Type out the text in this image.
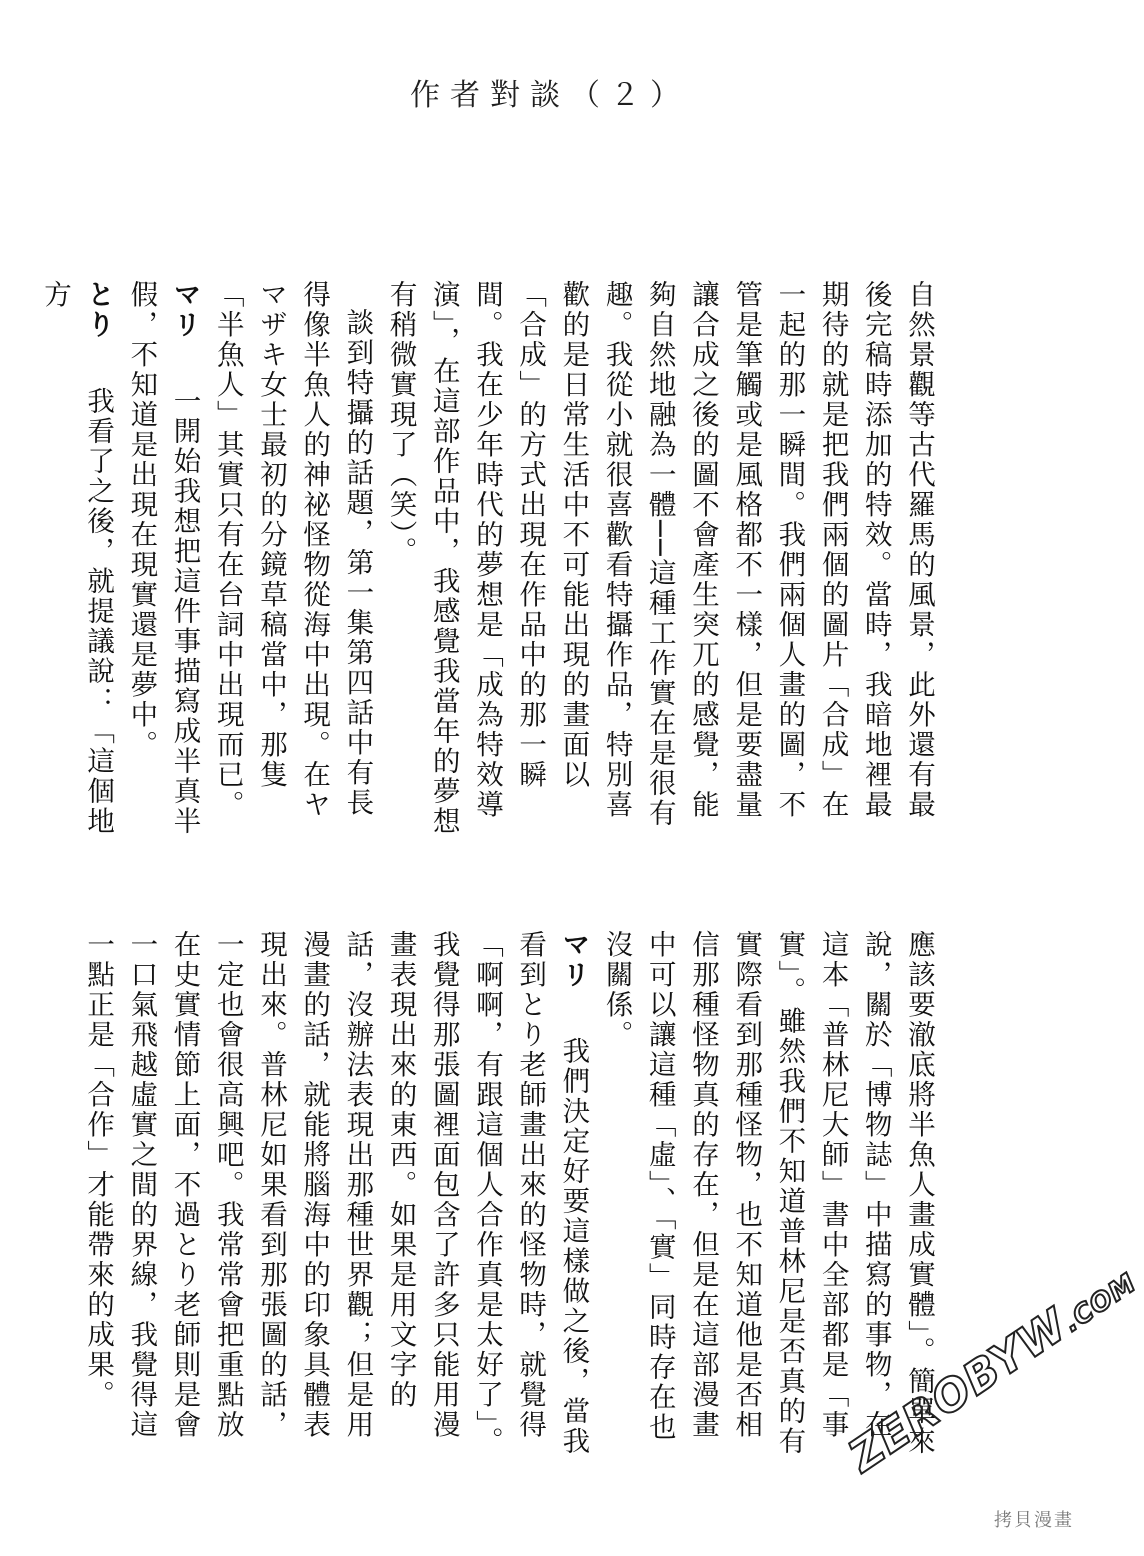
作者對談（２）

自然景觀等古代羅馬的風景，此外還有最後完稿時添加的特效。當時，我暗地裡最期待的就是把我們兩個的圖片「合成」在一起的那一瞬間。我們兩個人畫的圖，不管是筆觸或是風格都不一樣，但是要盡量讓合成之後的圖不會產生突兀的感覺，能夠自然地融為一體──這種工作實在是很有趣。我從小就很喜歡看特攝作品，特別喜歡的是日常生活中不可能出現的畫面以「合成」的方式出現在作品中的那一瞬間。我在少年時代的夢想是「成為特效導演」，在這部作品中，我感覺我當年的夢想有稍微實現了（笑）。

談到特攝的話題，第一集第四話中有長得像半魚人的神祕怪物從海中出現。在ヤマザキ女士最初的分鏡草稿當中，那隻「半魚人」其實只有在台詞中出現而已。

マリ　一開始我想把這件事描寫成半真半假，不知道是出現在現實還是夢中。

とり　我看了之後，就提議說：「這個地方

應該要澈底將半魚人畫成實體」。簡單來說，關於「博物誌」中描寫的事物，在這本「普林尼大師」書中全部都是「事實」。雖然我們不知道普林尼是否真的有實際看到那種怪物，也不知道他是否相信那種怪物真的存在，但是在這部漫畫中可以讓這種「虛」、「實」同時存在也沒關係。

マリ　我們決定好要這樣做之後，當我看到とり老師畫出來的怪物時，就覺得「啊啊，有跟這個人合作真是太好了」。我覺得那張圖裡面包含了許多只能用漫畫表現出來的東西。如果是用文字的話，沒辦法表現出那種世界觀；但是用漫畫的話，就能將腦海中的印象具體表現出來。普林尼如果看到那張圖的話，一定也會很高興吧。我常常會把重點放在史實情節上面，不過とり老師則是會一口氣飛越虛實之間的界線，我覺得這一點正是「合作」才能帶來的成果。	ZEROBYW.COM
拷貝漫畫
